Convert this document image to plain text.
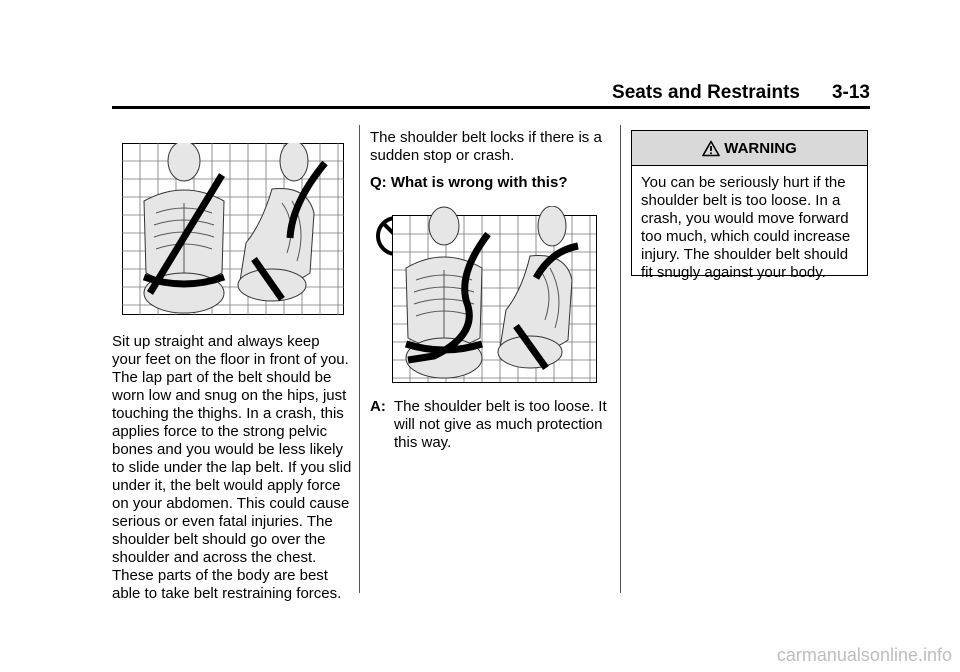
Seats and Restraints 3-13

Sit up straight and always keep your feet on the floor in front of you. The lap part of the belt should be worn low and snug on the hips, just touching the thighs. In a crash, this applies force to the strong pelvic bones and you would be less likely to slide under the lap belt. If you slid under it, the belt would apply force on your abdomen. This could cause serious or even fatal injuries. The shoulder belt should go over the shoulder and across the chest. These parts of the body are best able to take belt restraining forces.

The shoulder belt locks if there is a sudden stop or crash.

Q: What is wrong with this?

A: The shoulder belt is too loose. It will not give as much protection this way.
WARNING
You can be seriously hurt if the shoulder belt is too loose. In a crash, you would move forward too much, which could increase injury. The shoulder belt should fit snugly against your body.
carmanualsonline.info
